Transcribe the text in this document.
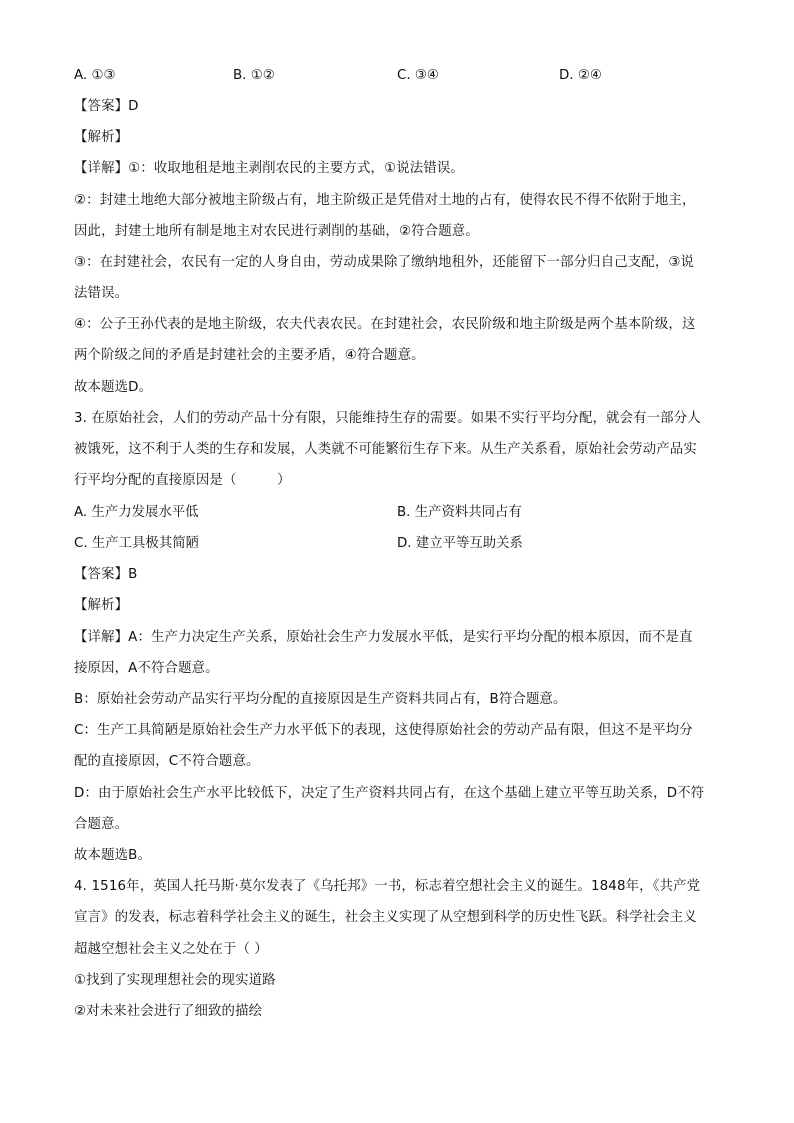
A. ①③	B. ①②	C. ③④	D. ②④
【答案】D
【解析】
【详解】①：收取地租是地主剥削农民的主要方式，①说法错误。
②：封建土地绝大部分被地主阶级占有，地主阶级正是凭借对土地的占有，使得农民不得不依附于地主，
因此，封建土地所有制是地主对农民进行剥削的基础，②符合题意。
③：在封建社会，农民有一定的人身自由，劳动成果除了缴纳地租外，还能留下一部分归自己支配，③说
法错误。
④：公子王孙代表的是地主阶级，农夫代表农民。在封建社会，农民阶级和地主阶级是两个基本阶级，这
两个阶级之间的矛盾是封建社会的主要矛盾，④符合题意。
故本题选D。
3. 在原始社会，人们的劳动产品十分有限，只能维持生存的需要。如果不实行平均分配，就会有一部分人
被饿死，这不利于人类的生存和发展，人类就不可能繁衍生存下来。从生产关系看，原始社会劳动产品实
行平均分配的直接原因是（　　　）
A. 生产力发展水平低	B. 生产资料共同占有
C. 生产工具极其简陋	D. 建立平等互助关系
【答案】B
【解析】
【详解】A：生产力决定生产关系，原始社会生产力发展水平低，是实行平均分配的根本原因，而不是直
接原因，A不符合题意。
B：原始社会劳动产品实行平均分配的直接原因是生产资料共同占有，B符合题意。
C：生产工具简陋是原始社会生产力水平低下的表现，这使得原始社会的劳动产品有限，但这不是平均分
配的直接原因，C不符合题意。
D：由于原始社会生产水平比较低下，决定了生产资料共同占有，在这个基础上建立平等互助关系，D不符
合题意。
故本题选B。
4. 1516年，英国人托马斯·莫尔发表了《乌托邦》一书，标志着空想社会主义的诞生。1848年，《共产党
宣言》的发表，标志着科学社会主义的诞生，社会主义实现了从空想到科学的历史性飞跃。科学社会主义
超越空想社会主义之处在于（ ）
①找到了实现理想社会的现实道路
②对未来社会进行了细致的描绘
